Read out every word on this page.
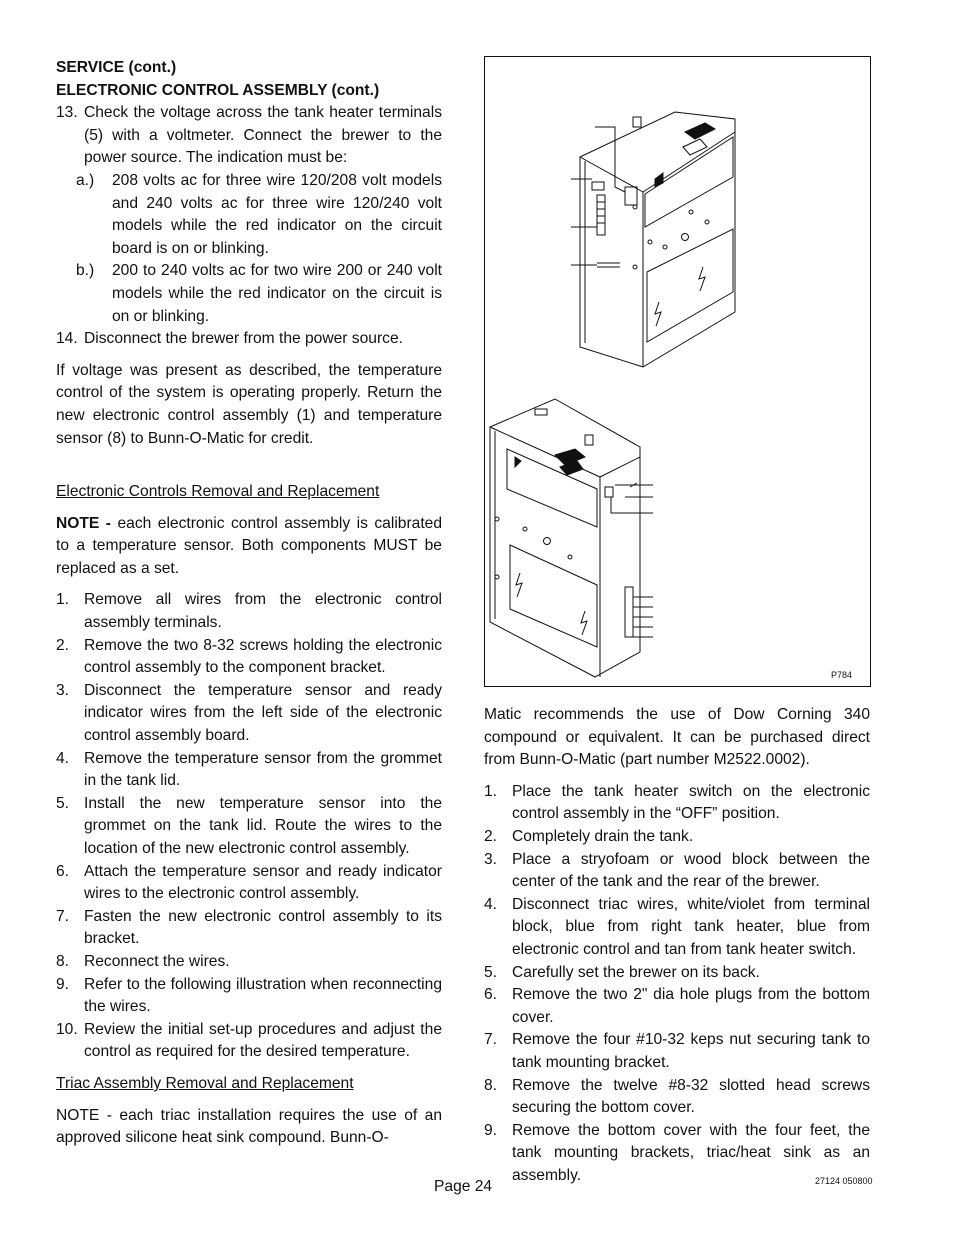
SERVICE (cont.)
ELECTRONIC CONTROL ASSEMBLY (cont.)
13. Check the voltage across the tank heater terminals (5) with a voltmeter. Connect the brewer to the power source. The indication must be:
a.)	208 volts ac for three wire 120/208 volt models and 240 volts ac for three wire 120/240 volt models while the red indicator on the circuit board is on or blinking.
b.)	200 to 240 volts ac for two wire 200 or 240 volt models while the red indicator on the circuit is on or blinking.
14. Disconnect the brewer from the power source.

If voltage was present as described, the temperature control of the system is operating properly. Return the new electronic control assembly (1) and temperature sensor (8) to Bunn-O-Matic for credit.

Electronic Controls Removal and Replacement

NOTE - each electronic control assembly is calibrated to a temperature sensor. Both components MUST be replaced as a set.

1. Remove all wires from the electronic control assembly terminals.
2. Remove the two 8-32 screws holding the electronic control assembly to the component bracket.
3. Disconnect the temperature sensor and ready indicator wires from the left side of the electronic control assembly board.
4. Remove the temperature sensor from the grommet in the tank lid.
5. Install the new temperature sensor into the grommet on the tank lid. Route the wires to the location of the new electronic control assembly.
6. Attach the temperature sensor and ready indicator wires to the electronic control assembly.
7. Fasten the new electronic control assembly to its bracket.
8. Reconnect the wires.
9. Refer to the following illustration when reconnecting the wires.
10. Review the initial set-up procedures and adjust the control as required for the desired temperature.
Triac Assembly Removal and Replacement

NOTE - each triac installation requires the use of an approved silicone heat sink compound. Bunn-O-

P784

Matic recommends the use of Dow Corning 340 compound or equivalent. It can be purchased direct from Bunn-O-Matic (part number M2522.0002).

1. Place the tank heater switch on the electronic control assembly in the “OFF” position.
2. Completely drain the tank.
3. Place a stryofoam or wood block between the center of the tank and the rear of the brewer.
4. Disconnect triac wires, white/violet from terminal block, blue from right tank heater, blue from electronic control and tan from tank heater switch.
5. Carefully set the brewer on its back.
6. Remove the two 2" dia hole plugs from the bottom cover.
7. Remove the four #10-32 keps nut securing tank to tank mounting bracket.
8. Remove the twelve #8-32 slotted head screws securing the bottom cover.
9. Remove the bottom cover with the four feet, the tank mounting brackets, triac/heat sink as an assembly.
Page 24	27124 050800
